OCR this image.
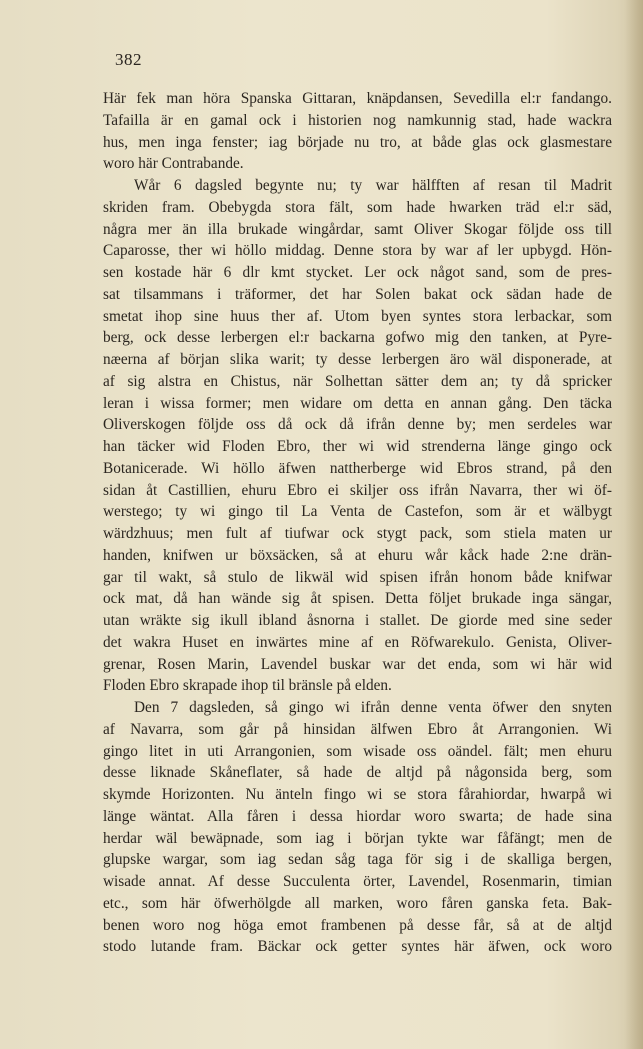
382
Här fek man höra Spanska Gittaran, knäpdansen, Sevedilla el:r fandango.
Tafailla är en gamal ock i historien nog namkunnig stad, hade wackra
hus, men inga fenster; iag började nu tro, at både glas ock glasmestare
woro här Contrabande.
Wår 6 dagsled begynte nu; ty war hälfften af resan til Madrit
skriden fram. Obebygda stora fält, som hade hwarken träd el:r säd,
några mer än illa brukade wingårdar, samt Oliver Skogar följde oss till
Caparosse, ther wi höllo middag. Denne stora by war af ler upbygd. Hön-
sen kostade här 6 dlr kmt stycket. Ler ock något sand, som de pres-
sat tilsammans i träformer, det har Solen bakat ock sädan hade de
smetat ihop sine huus ther af. Utom byen syntes stora lerbackar, som
berg, ock desse lerbergen el:r backarna gofwo mig den tanken, at Pyre-
næerna af början slika warit; ty desse lerbergen äro wäl disponerade, at
af sig alstra en Chistus, när Solhettan sätter dem an; ty då spricker
leran i wissa former; men widare om detta en annan gång. Den täcka
Oliverskogen följde oss då ock då ifrån denne by; men serdeles war
han täcker wid Floden Ebro, ther wi wid strenderna länge gingo ock
Botanicerade. Wi höllo äfwen nattherberge wid Ebros strand, på den
sidan åt Castillien, ehuru Ebro ei skiljer oss ifrån Navarra, ther wi öf-
werstego; ty wi gingo til La Venta de Castefon, som är et wälbygt
wärdzhuus; men fult af tiufwar ock stygt pack, som stiela maten ur
handen, knifwen ur böxsäcken, så at ehuru wår kåck hade 2:ne drän-
gar til wakt, så stulo de likwäl wid spisen ifrån honom både knifwar
ock mat, då han wände sig åt spisen. Detta följet brukade inga sängar,
utan wräkte sig ikull ibland åsnorna i stallet. De giorde med sine seder
det wakra Huset en inwärtes mine af en Röfwarekulo. Genista, Oliver-
grenar, Rosen Marin, Lavendel buskar war det enda, som wi här wid
Floden Ebro skrapade ihop til bränsle på elden.
Den 7 dagsleden, så gingo wi ifrån denne venta öfwer den snyten
af Navarra, som går på hinsidan älfwen Ebro åt Arrangonien. Wi
gingo litet in uti Arrangonien, som wisade oss oändel. fält; men ehuru
desse liknade Skåneflater, så hade de altjd på någonsida berg, som
skymde Horizonten. Nu änteln fingo wi se stora fårahiordar, hwarpå wi
länge wäntat. Alla fåren i dessa hiordar woro swarta; de hade sina
herdar wäl bewäpnade, som iag i början tykte war fåfängt; men de
glupske wargar, som iag sedan såg taga för sig i de skalliga bergen,
wisade annat. Af desse Succulenta örter, Lavendel, Rosenmarin, timian
etc., som här öfwerhölgde all marken, woro fåren ganska feta. Bak-
benen woro nog höga emot frambenen på desse får, så at de altjd
stodo lutande fram. Bäckar ock getter syntes här äfwen, ock woro
